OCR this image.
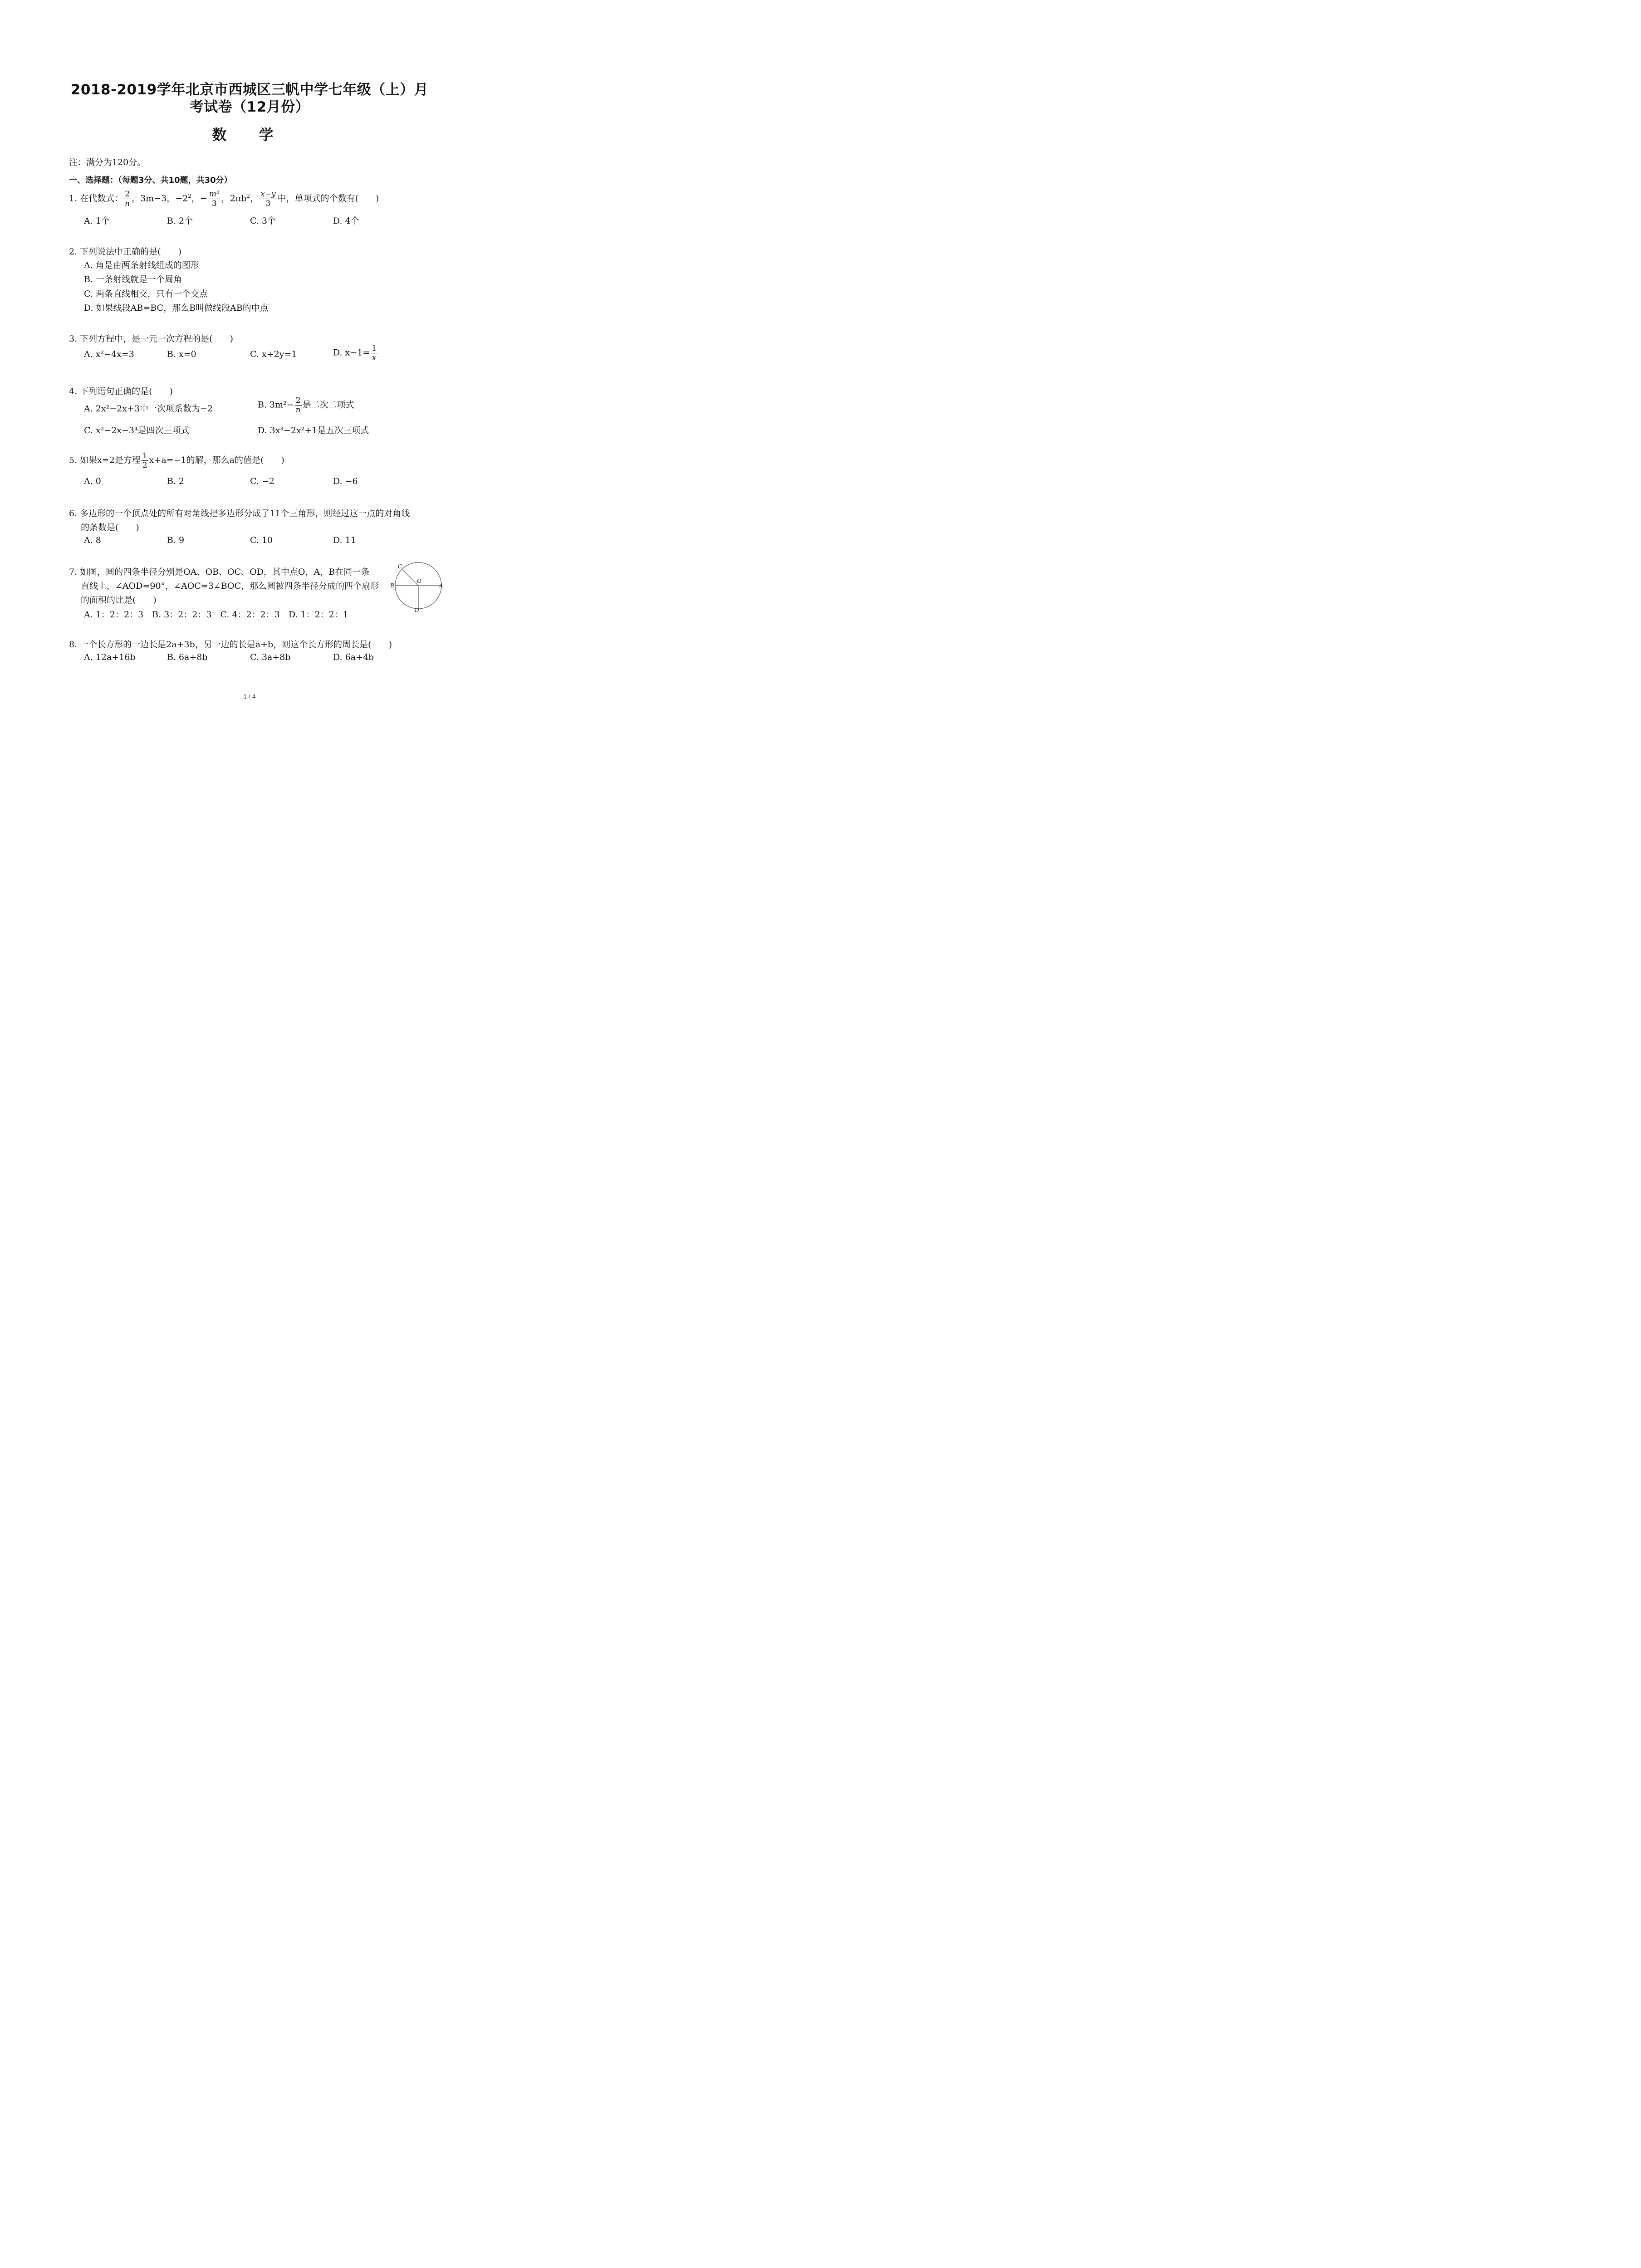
2018-2019学年北京市西城区三帆中学七年级（上）月
考试卷（12月份）
数 学
注：满分为120分。
一、选择题：（每题3分、共10题，共30分）
1. 在代数式： $\frac{2}{n}$ ，3m−3，$-2^2$，− $\frac{\text{m²}}{3}$ ，$2\pi b^2$， $\frac{x-y}{3}$ 中，单项式的个数有(　　)
A. 1个	B. 2个	C. 3个	D. 4个
2. 下列说法中正确的是(　　)
A. 角是由两条射线组成的图形
B. 一条射线就是一个周角
C. 两条直线相交，只有一个交点
D. 如果线段AB=BC，那么B叫做线段AB的中点
3. 下列方程中，是一元一次方程的是(　　)
A. x²−4x=3	B. x=0	C. x+2y=1	D. $x-1= \frac{1}{x}$
4. 下列语句正确的是(　　)
A. 2x²−2x+3中一次项系数为−2	B. $3m^2- \frac{2}{n}$ 是二次二项式
C. x²−2x−3⁴是四次三项式	D. 3x³−2x²+1是五次三项式
5. 如果x=2是方程 $\frac{1}{2} x+a=-1$的解，那么a的值是(　　)
A. 0	B. 2	C. −2	D. −6
6. 多边形的一个顶点处的所有对角线把多边形分成了11个三角形，则经过这一点的对角线
的条数是(　　)
A. 8	B. 9	C. 10	D. 11
7. 如图，圆的四条半径分别是OA、OB、OC、OD，其中点O，A，B在同一条
直线上，∠AOD=90°，∠AOC=3∠BOC，那么圆被四条半径分成的四个扇形
的面积的比是(　　)
A. 1：2：2：3　B. 3：2：2：3　C. 4：2：2：3　D. 1：2：2：1
C
B
O
A
D
8. 一个长方形的一边长是2a+3b，另一边的长是a+b，则这个长方形的周长是(　　)
A. 12a+16b	B. 6a+8b	C. 3a+8b	D. 6a+4b
1 / 4
